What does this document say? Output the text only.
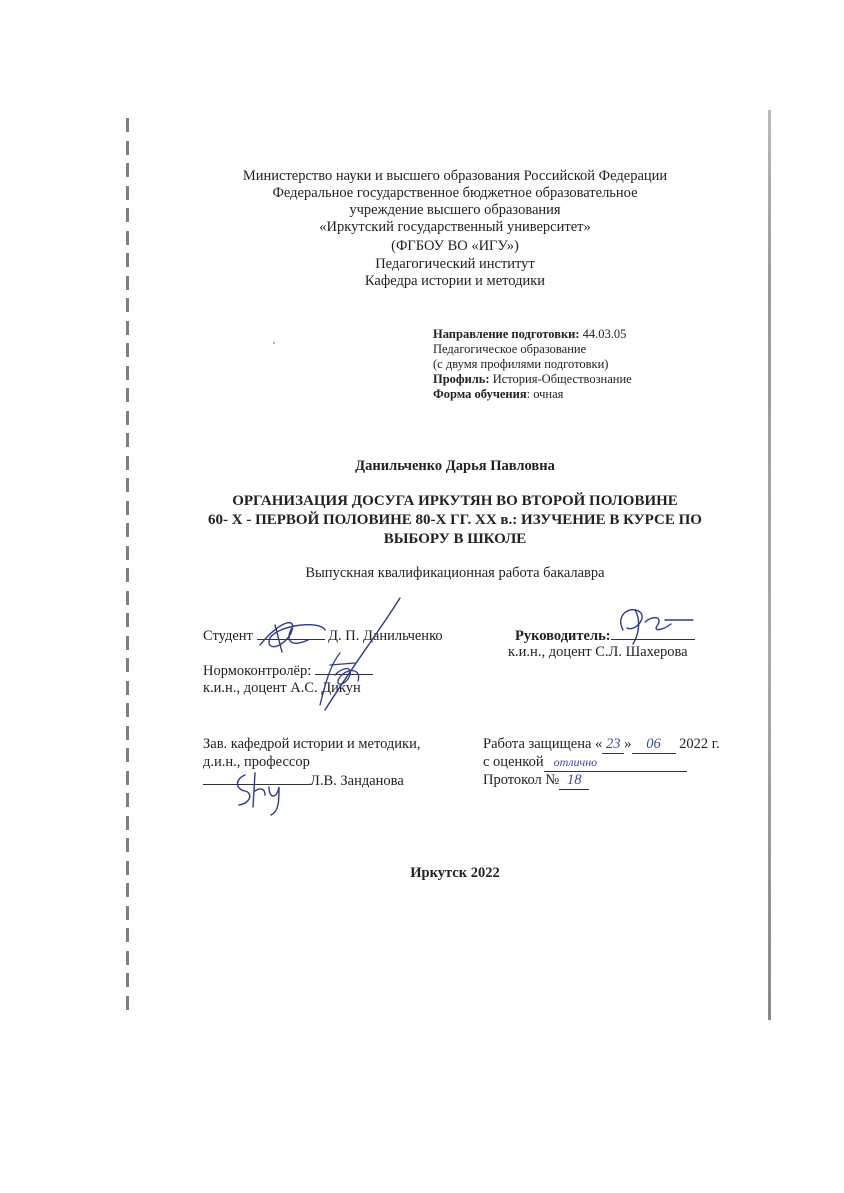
Министерство науки и высшего образования Российской Федерации
Федеральное государственное бюджетное образовательное
учреждение высшего образования
«Иркутский государственный университет»
(ФГБОУ ВО «ИГУ»)
Педагогический институт
Кафедра истории и методики
Направление подготовки: 44.03.05
Педагогическое образование
(с двумя профилями подготовки)
Профиль: История-Обществознание
Форма обучения: очная
Данильченко Дарья Павловна
ОРГАНИЗАЦИЯ ДОСУГА ИРКУТЯН ВО ВТОРОЙ ПОЛОВИНЕ
60- Х - ПЕРВОЙ ПОЛОВИНЕ 80-Х ГГ. ХХ в.: ИЗУЧЕНИЕ В КУРСЕ ПО
ВЫБОРУ В ШКОЛЕ
Выпускная квалификационная работа бакалавра
Студент	Д. П. Данильченко	Руководитель:
к.и.н., доцент С.Л. Шахерова
Нормоконтролёр:
к.и.н., доцент А.С. Дикун
Зав. кафедрой истории и методики,
д.и.н., профессор
Л.В. Занданова
Работа защищена « 23 » 06 2022 г.
с оценкой отлично
Протокол № 18
Иркутск 2022
